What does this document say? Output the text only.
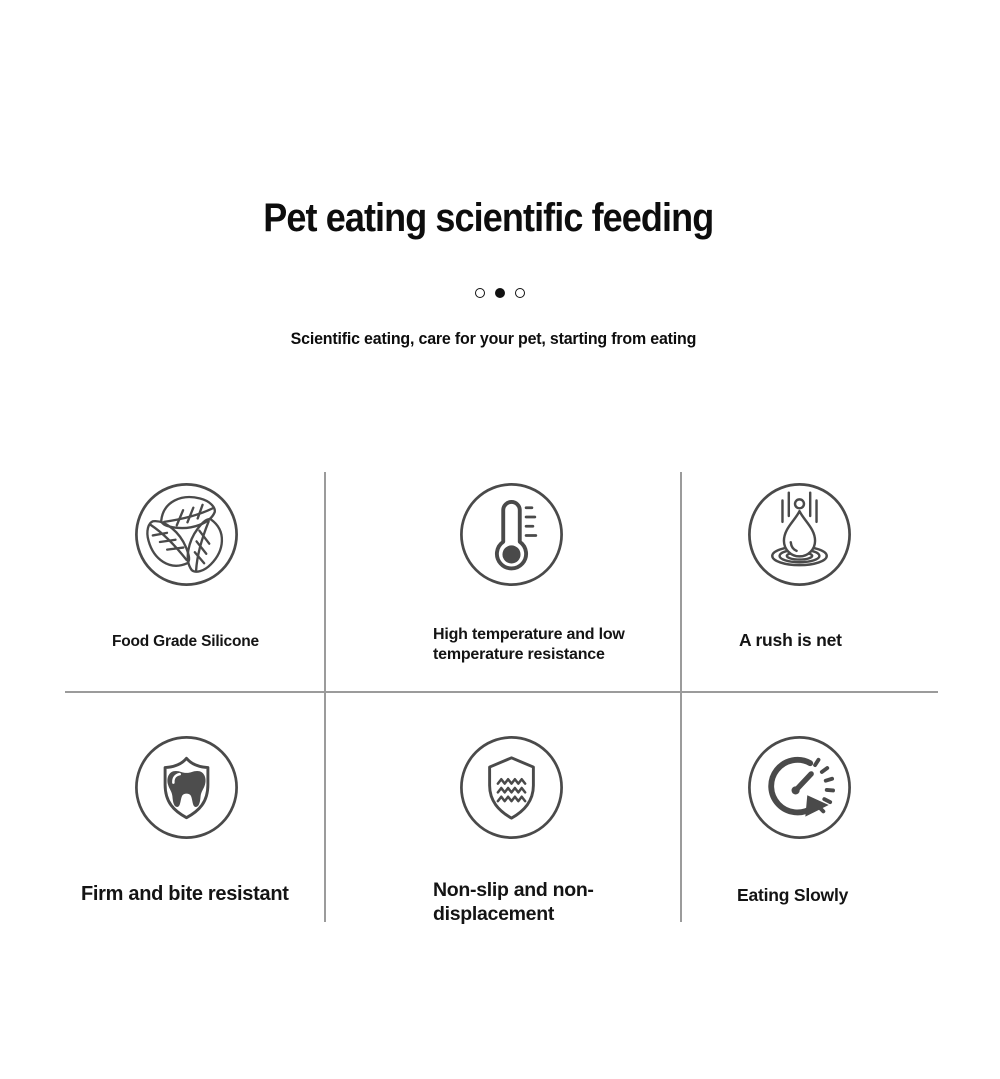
Pet eating scientific feeding

Scientific eating, care for your pet, starting from eating

Food Grade Silicone	High temperature and low temperature resistance
A rush is net
Firm and bite resistant	Non-slip and non-displacement
Eating Slowly
